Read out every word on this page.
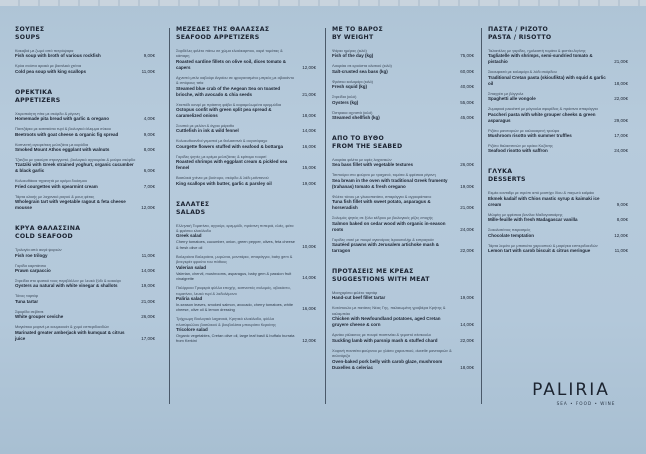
ΣΟΥΠΕΣ
SOUPS
Κακαβιά με ζωμό από πετρόψαρα
Fish soup with broth of various rockfish	9,00€
Κρύα σούπα αρακά με βασιλικά χτένια
Cold pea soup with king scallops	11,00€
ΟΡΕΚΤΙΚΑ
APPETIZERS
Χειροποίητη πίτα με σκόρδο & ρίγανη
Homemade pita bread with garlic & oregano	4,00€
Παντζάρια με κατσικίσιο τυρί & βιολογικό άλειμμα σύκου
Beetroots with goat cheese & organic fig spread	9,00€
Καπνιστή αγιορείτικη μελιτζάνα με καρύδια
Smoked Mount Athos eggplant with walnuts	8,00€
Τζατζίκι με γιαούρτι στραγγιστό, βιολογικό αγγουράκι & μαύρο σκόρδο
Tzatziki with Greek strained yoghurt, organic cucumber & black garlic	6,00€
Κολοκυθάκια τηγανητά με κρέμα δυόσμου
Fried courgettes with spearmint cream	7,00€
Τάρτα ολικής με λαχανικό ραγού & μους φέτας
Wholegrain tart with vegetable ragout & feta cheese mousse	12,00€
ΚΡΥΑ ΘΑΛΑΣΣΙΝΑ
COLD SEAFOOD
Τριλογία από αυγά ψαριών
Fish roe trilogy	11,00€
Γαρίδα καρπάτσιο
Prawn carpaccio	14,00€
Στρείδια στο φυσικό τους περιβάλλον με λευκό ξύδι & κοκκάρι
Oysters au natural with white vinegar & shallots	19,00€
Τόνος ταρτάρ
Tuna tartar	21,00€
Σφυρίδα σεβίτσε
White grouper ceviche	26,00€
Μαγιάτικο μαρινέ με κουμκουάτ & χυμό εσπεριδοειδών
Marinated greater amberjack with kumquat & citrus juice	17,00€
ΜΕΖΕΔΕΣ ΤΗΣ ΘΑΛΑΣΣΑΣ
SEAFOOD APPETIZERS
Σαρδέλες φιλέτο πάνω σε χώμα ελαιόκαρπου, καρέ τομάτας & κάπαρη
Roasted sardine fillets on olive soil, dices tomato & capers	12,00€
Αχνιστό μπλε καβούρι Αιγαίου σε φρυγανισμένο μπριός με αβοκάντο & σπόρους τσία
Steamed blue crab of the Aegean Sea on toasted brioche, with avocado & chia seeds	21,00€
Χταπόδι κονφί με πράσινη φάβα & καραμελωμένα κρεμμύδια
Octopus confit with green split pea spread & caramelized onions	18,00€
Σουπιά με μελάνι & άγριο μάραθο
Cuttlefish in ink & wild fennel	14,00€
Κολοκυθοανθοί γεμιστοί με θαλασσινά & αυγοτάραχο
Courgette flowers stuffed with seafood & bottarga	16,00€
Γαρίδες ψητές με κρέμα μελιτζάνας & κρίταμο τουρσί
Roasted shrimps with eggplant cream & pickled sea fennel	15,00€
Βασιλικά χτένια με βούτυρο, σκόρδο & λάδι μαϊντανού
King scallops with butter, garlic & parsley oil	19,00€
ΣΑΛΑΤΕΣ
SALADS
Ελληνική Τοματίνια, αγγούρι, κρεμμύδι, πράσινη πιπεριά, ελιές, φέτα & φρέσκο ελαιόλαδο
Greek salad
Cherry tomatoes, cucumber, onion, green pepper, olives, feta cheese & fresh olive oil	10,00€
Βαλεριάνα Βαλεριάνα, μυρώνια, μανιτάρια, σπαράγγια, baby gem & βινεγκρέτ φρούτο του πάθους
Valerian salad
Valerian, chervil, mushrooms, asparagus, baby gem & passion fruit vinaigrette	14,00€
Παλίρροια Τρυφερά φύλλα εποχής, καπνιστός σολομός, αβοκάντο, τοματίνια, λευκό τυρί & λαδολέμονο
Paliria salad
In-season leaves, smoked salmon, avocado, cherry tomatoes, white cheese, olive oil & lemon dressing	16,00€
Τρίχρωμη Βιολογικά λαχανικά, Κρητικό ελαιόλαδο, φύλλα πλατύφυλλου βασιλικού & βουβαλίσια μπουράτα Κερκίνης
Tricolore salad
Organic vegetables, Cretan olive oil, large leaf basil & buffalo burrata from Kerkini	12,00€
ΜΕ ΤΟ ΒΑΡΟΣ
BY WEIGHT
Ψάρια ημέρας (κιλό)
Fish of the day (kg)	75,00€
Λαυράκι σε κρούστα αλατιού (κιλό)
Salt-crusted sea bass (kg)	60,00€
Φρέσκο καλαμάρι (κιλό)
Fresh squid (kg)	40,00€
Στρείδια (κιλό)
Oysters (kg)	55,00€
Όστρακα αχνιστά (κιλό)
Steamed shellfish (kg)	45,00€
ΑΠΟ ΤΟ ΒΥΘΟ
FROM THE SEABED
Λαυράκι φιλέτο με υφές λαχανικών
Sea bass fillet with vegetable textures	26,00€
Τσιπούρα στο φούρνο με τραχανά, τομάτα & φρέσκια ρίγανη
Sea bream in the oven with traditional Greek frumenty (trahanas) tomato & fresh oregano	19,00€
Φιλέτο τόνου με γλυκοπατάτα, σπαράγγια & αγριοράπανο
Tuna fish fillet with sweet potato, asparagus & horseradish	21,00€
Σολομός ψητός σε ξύλο κέδρου με βιολογικές ρίζες εποχής
Salmon baked on cedar wood with organic in-season roots	24,00€
Γαρίδες σοτέ με πουρέ αγκινάρας Ιερουσαλήμ & εστραγκόν
Sautéed prawns with Jerusalem artichoke mash & tarragon	22,00€
ΠΡΟΤΑΣΕΙΣ ΜΕ ΚΡΕΑΣ
SUGGESTIONS WITH MEAT
Μοσχαρίσιο φιλέτο ταρτάρ
Hand-cut beef fillet tartar	19,00€
Κοτόπουλο με πατάτες Νέας Γης, παλαιωμένη γραβιέρα Κρήτης & καλαμπόκι
Chicken with Newfoundland potatoes, aged Cretan gruyere cheese & corn	14,00€
Αρνάκι γάλακτος με πουρέ παστινάκι & γεμιστό σέσκουλο
Suckling lamb with parsnip mash & stuffed chard	22,00€
Χοιρινή πανσέτα φούρνου με γλάσο χαρουπιού, duxelle μανιταριών & σελινόριζα
Oven-baked pork belly with carob glaze, mushroom Duxelles & celeriac	18,00€
ΠΑΣΤΑ / ΡΙΖΟΤΟ
PASTA / RISOTTO
Ταλιατέλες με γαρίδες, ημιλιαστή τομάτα & φιστίκι Αιγίνης
Tagliatelle with shrimps, semi-sundried tomato & pistachio	21,00€
Σκιουφικτά με καλαμάρι & λάδι σκόρδου
Traditional Cretan pasta (skioufikta) with squid & garlic oil	18,00€
Σπαγγέτι με βόγγολε
Spaghetti alle vongole	22,00€
Ζυμαρικά paccheri με μάγουλα σφυρίδας & πράσινα σπαράγγια
Paccheri pasta with white grouper cheeks & green asparagus	29,00€
Ριζότο μανιταριών με καλοκαιρινή τρούφα
Mushroom risotto with summer truffles	17,00€
Ριζότο θαλασσινών με κρόκο Κοζάνης
Seafood risotto with saffron	24,00€
ΓΛΥΚΑ
DESSERTS
Εκμέκ κανταΐφι με σιρόπι από μαστίχα Χίου & παγωτό καϊμάκι
Ekmek kadaif with Chios mastic syrup & kaimaki ice cream	9,00€
Μιλφέιγ με φρέσκια βανίλια Μαδαγασκάρης
Mille-feuille with fresh Madagascar vanilla	8,00€
Σοκολατένιος πειρασμός
Chocolate temptation	12,00€
Τάρτα λεμόνι με μπισκότο χαρουπιού & μαρέγκα εσπεριδοειδών
Lemon tart with carob biscuit & citrus meringue	11,00€
PALIRIA
SEA • FOOD • WINE
